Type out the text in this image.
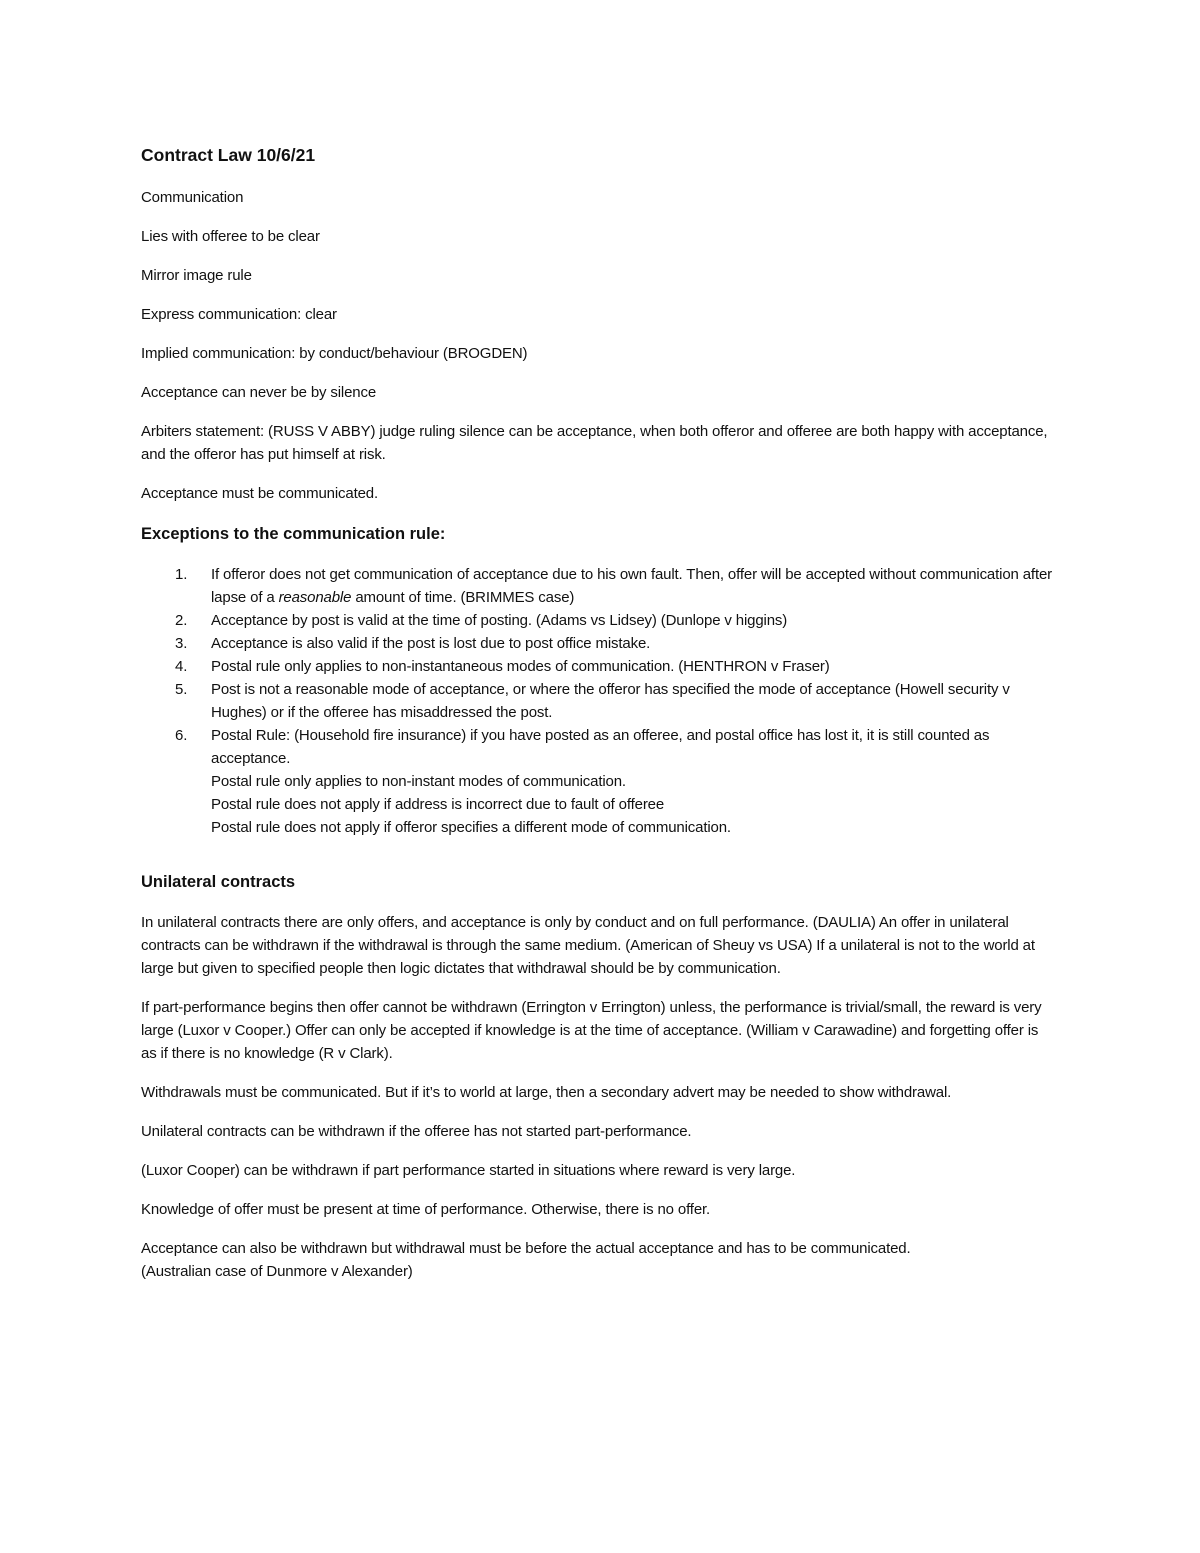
Contract Law 10/6/21

Communication

Lies with offeree to be clear

Mirror image rule

Express communication: clear

Implied communication: by conduct/behaviour (BROGDEN)

Acceptance can never be by silence

Arbiters statement: (RUSS V ABBY) judge ruling silence can be acceptance, when both offeror and offeree are both happy with acceptance, and the offeror has put himself at risk.

Acceptance must be communicated.

Exceptions to the communication rule:
1. If offeror does not get communication of acceptance due to his own fault. Then, offer will be accepted without communication after lapse of a reasonable amount of time. (BRIMMES case)
2. Acceptance by post is valid at the time of posting. (Adams vs Lidsey) (Dunlope v higgins)
3. Acceptance is also valid if the post is lost due to post office mistake.
4. Postal rule only applies to non-instantaneous modes of communication. (HENTHRON v Fraser)
5. Post is not a reasonable mode of acceptance, or where the offeror has specified the mode of acceptance (Howell security v Hughes) or if the offeree has misaddressed the post.
6. Postal Rule: (Household fire insurance) if you have posted as an offeree, and postal office has lost it, it is still counted as acceptance.
Postal rule only applies to non-instant modes of communication.
Postal rule does not apply if address is incorrect due to fault of offeree
Postal rule does not apply if offeror specifies a different mode of communication.
Unilateral contracts

In unilateral contracts there are only offers, and acceptance is only by conduct and on full performance. (DAULIA) An offer in unilateral contracts can be withdrawn if the withdrawal is through the same medium. (American of Sheuy vs USA) If a unilateral is not to the world at large but given to specified people then logic dictates that withdrawal should be by communication.

If part-performance begins then offer cannot be withdrawn (Errington v Errington) unless, the performance is trivial/small, the reward is very large (Luxor v Cooper.) Offer can only be accepted if knowledge is at the time of acceptance. (William v Carawadine) and forgetting offer is as if there is no knowledge (R v Clark).

Withdrawals must be communicated. But if it’s to world at large, then a secondary advert may be needed to show withdrawal.

Unilateral contracts can be withdrawn if the offeree has not started part-performance.

(Luxor Cooper) can be withdrawn if part performance started in situations where reward is very large.

Knowledge of offer must be present at time of performance. Otherwise, there is no offer.

Acceptance can also be withdrawn but withdrawal must be before the actual acceptance and has to be communicated.
(Australian case of Dunmore v Alexander)
